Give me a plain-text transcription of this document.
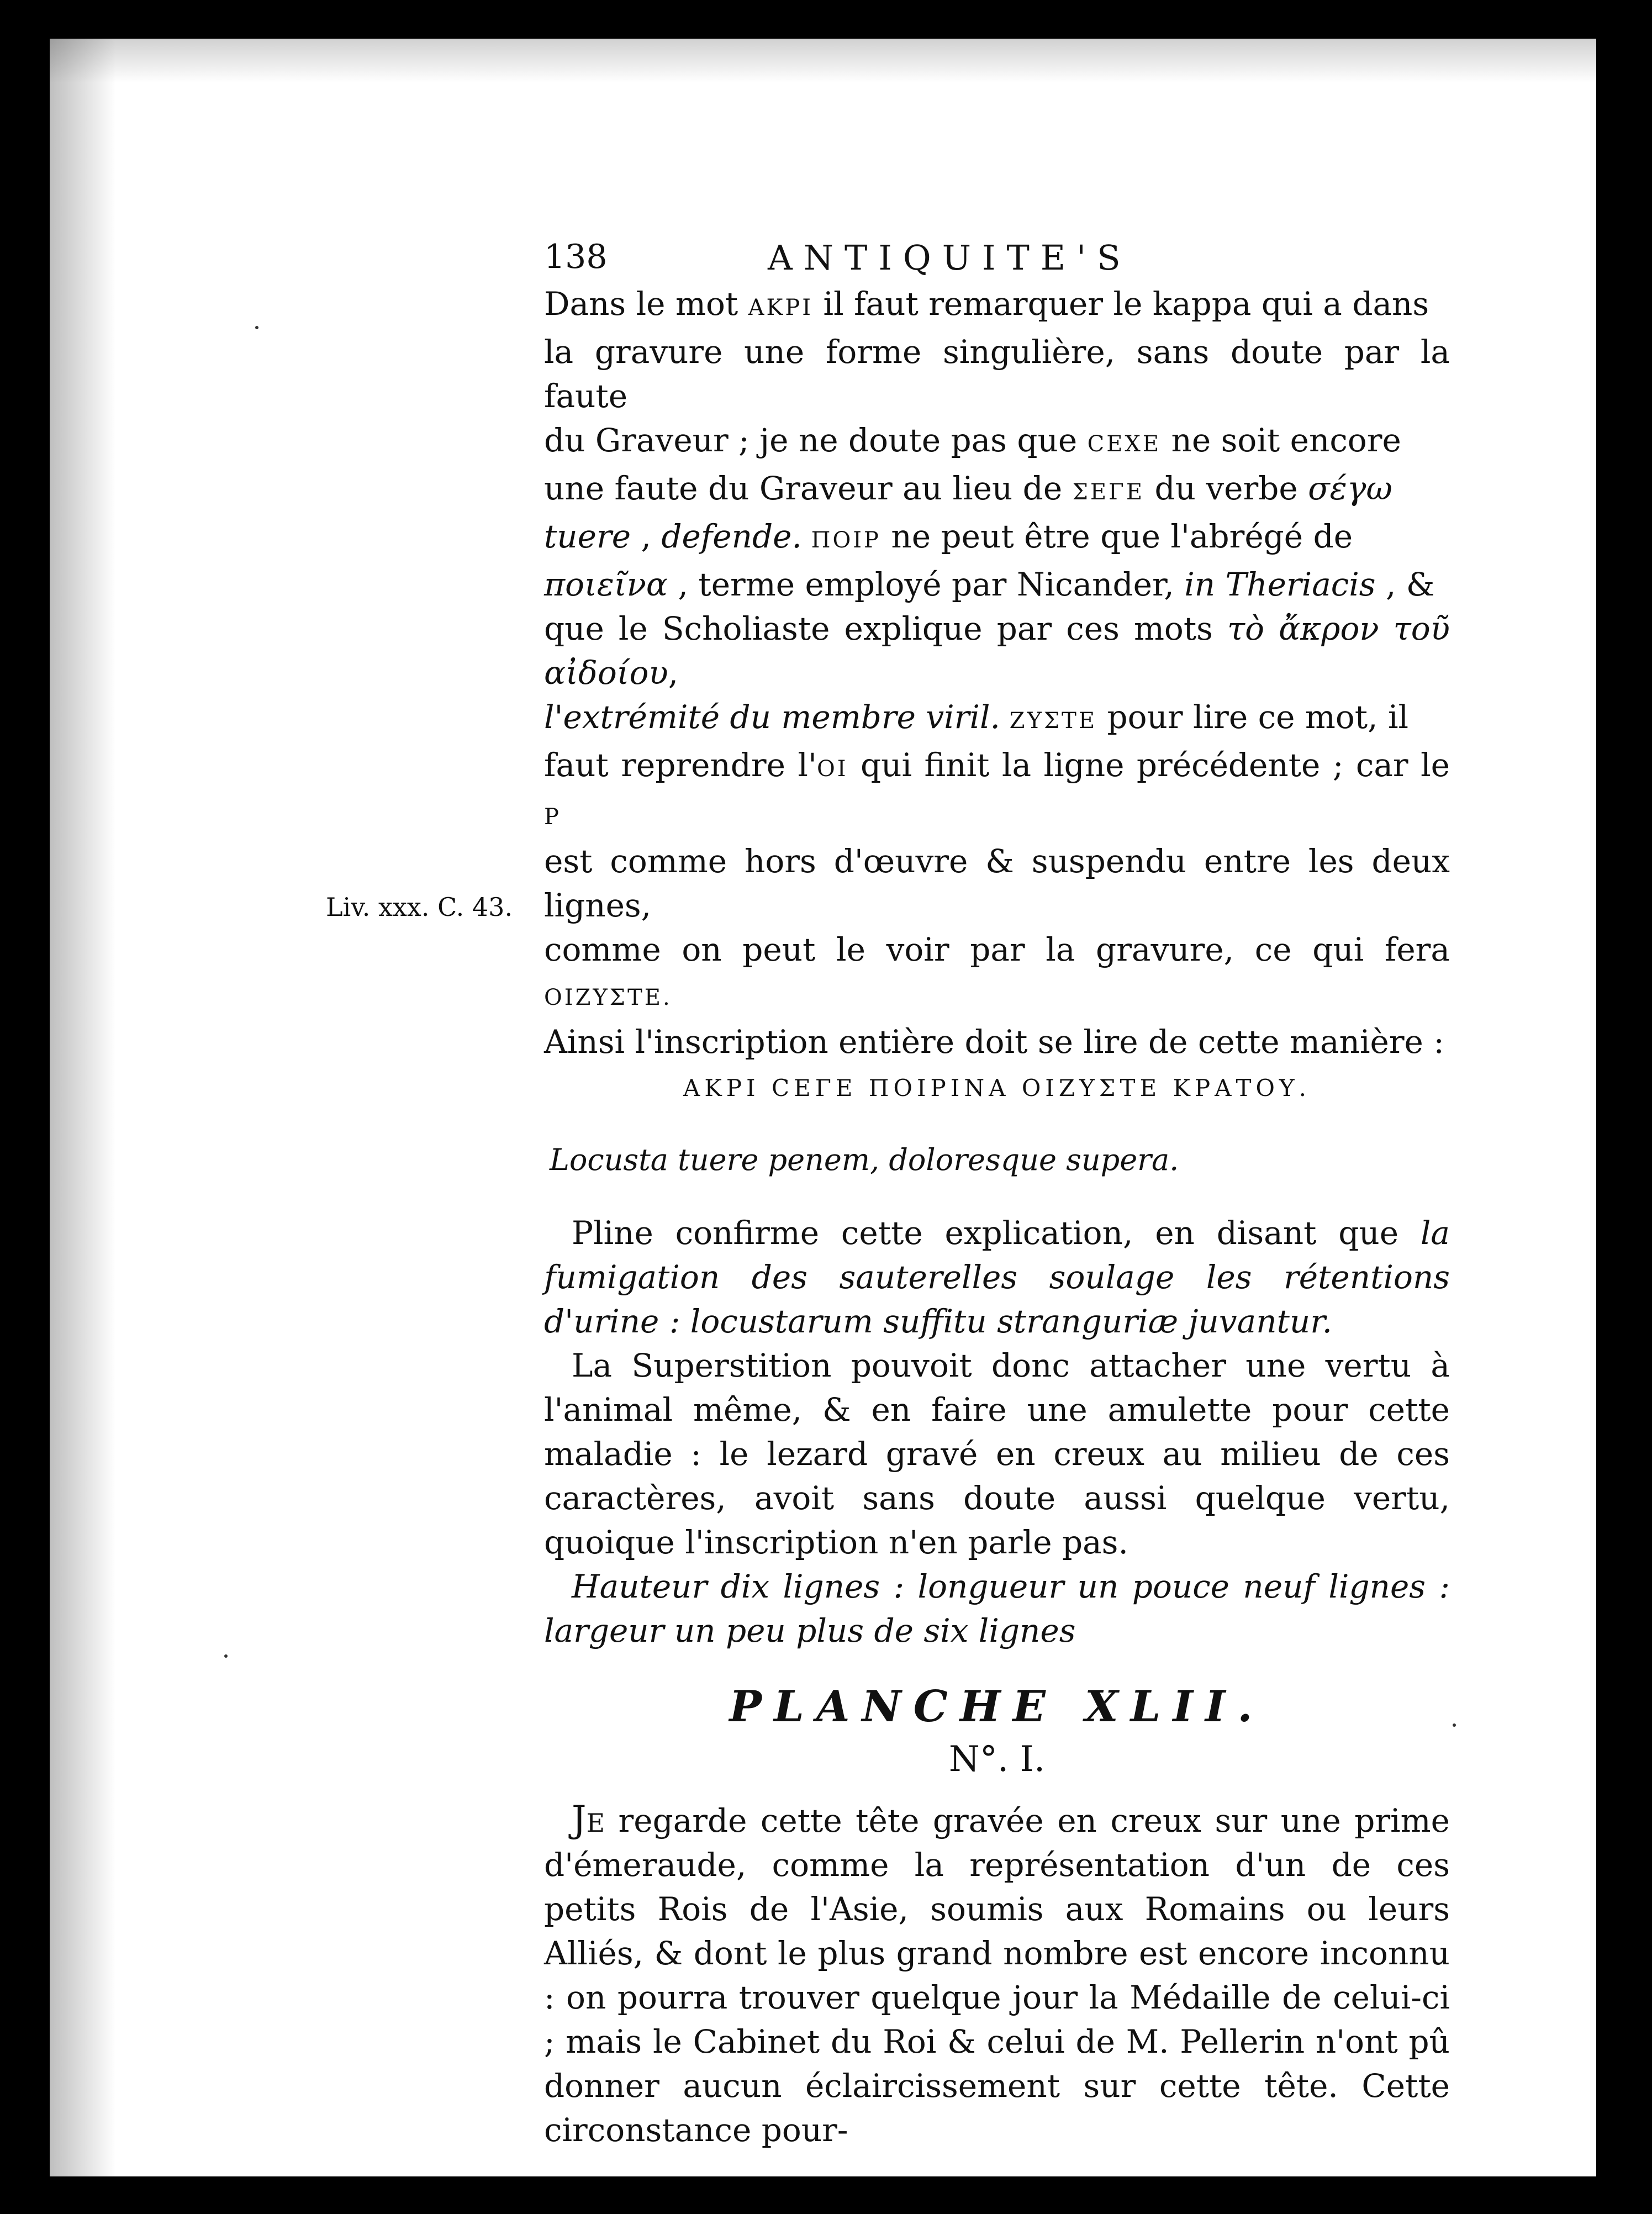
Liv. xxx. C. 43.
138	ANTIQUITE'S

Dans le mot ΑΚΡΙ il faut remarquer le kappa qui a dans

la gravure une forme singulière, sans doute par la faute

du Graveur ; je ne doute pas que ϹΕΧΕ ne soit encore

une faute du Graveur au lieu de ΣΕΓΕ du verbe σέγω

tuere , defende. ΠΟΙΡ ne peut être que l'abrégé de

ποιεῖνα , terme employé par Nicander, in Theriacis , &

que le Scholiaste explique par ces mots τὸ ἄκρον τοῦ αἰδοίου,

l'extrémité du membre viril. ΖΥΣΤΕ pour lire ce mot, il

faut reprendre l'ΟΙ qui finit la ligne précédente ; car le Ρ

est comme hors d'œuvre & suspendu entre les deux lignes,

comme on peut le voir par la gravure, ce qui fera ΟΙΖΥΣΤΕ.

Ainsi l'inscription entière doit se lire de cette manière :

ΑΚΡΙ ϹΕΓΕ ΠΟΙΡΙΝΑ ΟΙΖΥΣΤΕ ΚΡΑΤΟΥ.

Locusta tuere penem, doloresque supera.

Pline confirme cette explication, en disant que la fumigation des sauterelles soulage les rétentions d'urine : locustarum suffitu stranguriæ juvantur.

La Superstition pouvoit donc attacher une vertu à l'animal même, & en faire une amulette pour cette maladie : le lezard gravé en creux au milieu de ces caractères, avoit sans doute aussi quelque vertu, quoique l'inscription n'en parle pas.

Hauteur dix lignes : longueur un pouce neuf lignes : largeur un peu plus de six lignes

PLANCHE XLII.
N°. I.

Je regarde cette tête gravée en creux sur une prime d'émeraude, comme la représentation d'un de ces petits Rois de l'Asie, soumis aux Romains ou leurs Alliés, & dont le plus grand nombre est encore inconnu : on pourra trouver quelque jour la Médaille de celui-ci ; mais le Cabinet du Roi & celui de M. Pellerin n'ont pû donner aucun éclaircissement sur cette tête. Cette circonstance pour-
